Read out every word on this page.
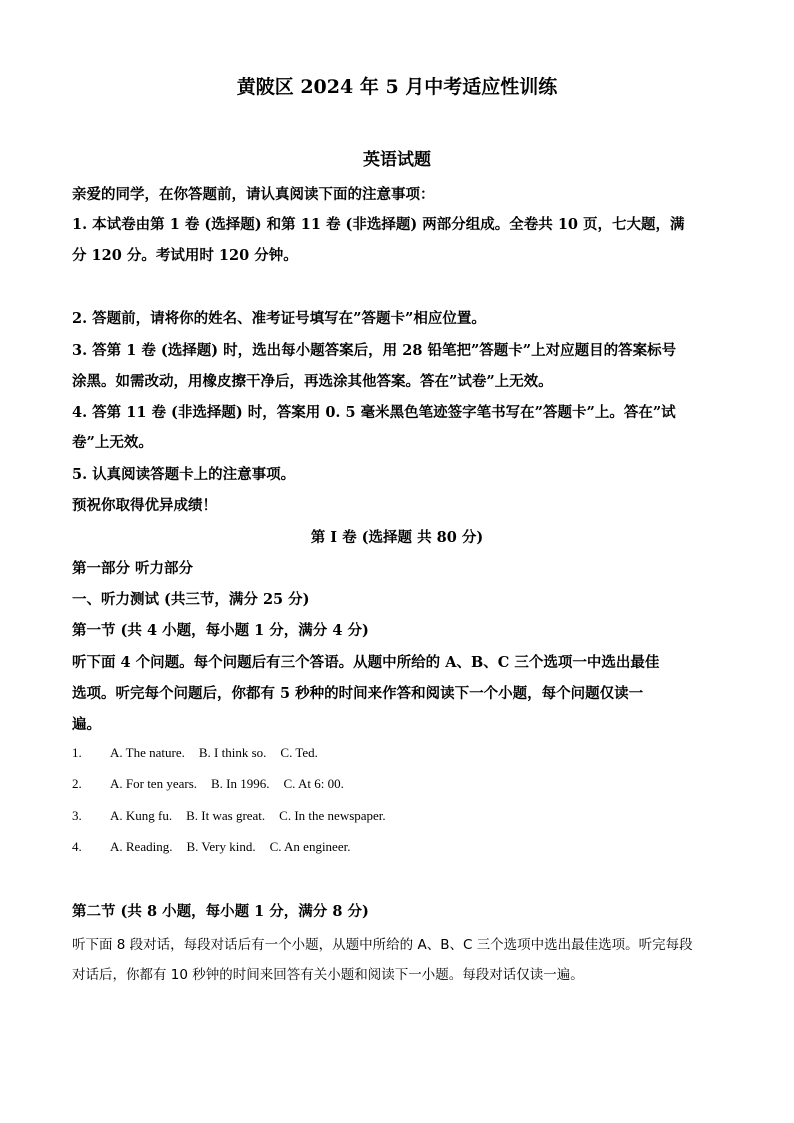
黄陂区 2024 年 5 月中考适应性训练
英语试题
亲爱的同学，在你答题前，请认真阅读下面的注意事项：
1. 本试卷由第 1 卷 (选择题) 和第 11 卷 (非选择题) 两部分组成。全卷共 10 页，七大题，满
分 120 分。考试用时 120 分钟。
2. 答题前，请将你的姓名、准考证号填写在”答题卡”相应位置。
3. 答第 1 卷 (选择题) 时，选出每小题答案后，用 28 铅笔把”答题卡”上对应题目的答案标号
涂黑。如需改动，用橡皮擦干净后，再选涂其他答案。答在”试卷”上无效。
4. 答第 11 卷 (非选择题) 时，答案用 0. 5 毫米黑色笔迹签字笔书写在”答题卡”上。答在”试
卷”上无效。
5. 认真阅读答题卡上的注意事项。
预祝你取得优异成绩！
第 Ⅰ 卷 (选择题 共 80 分)
第一部分 听力部分
一、听力测试 (共三节，满分 25 分)
第一节 (共 4 小题，每小题 1 分，满分 4 分)
听下面 4 个问题。每个问题后有三个答语。从题中所给的 A、B、C 三个选项一中选出最佳
选项。听完每个问题后，你都有 5 秒种的时间来作答和阅读下一个小题，每个问题仅读一
遍。
1. A. The nature. B. I think so. C. Ted.
2. A. For ten years. B. In 1996. C. At 6: 00.
3. A. Kung fu. B. It was great. C. In the newspaper.
4. A. Reading. B. Very kind. C. An engineer.
第二节 (共 8 小题，每小题 1 分，满分 8 分)
听下面 8 段对话，每段对话后有一个小题，从题中所给的 A、B、C 三个选项中选出最佳选项。听完每段
对话后，你都有 10 秒钟的时间来回答有关小题和阅读下一小题。每段对话仅读一遍。
